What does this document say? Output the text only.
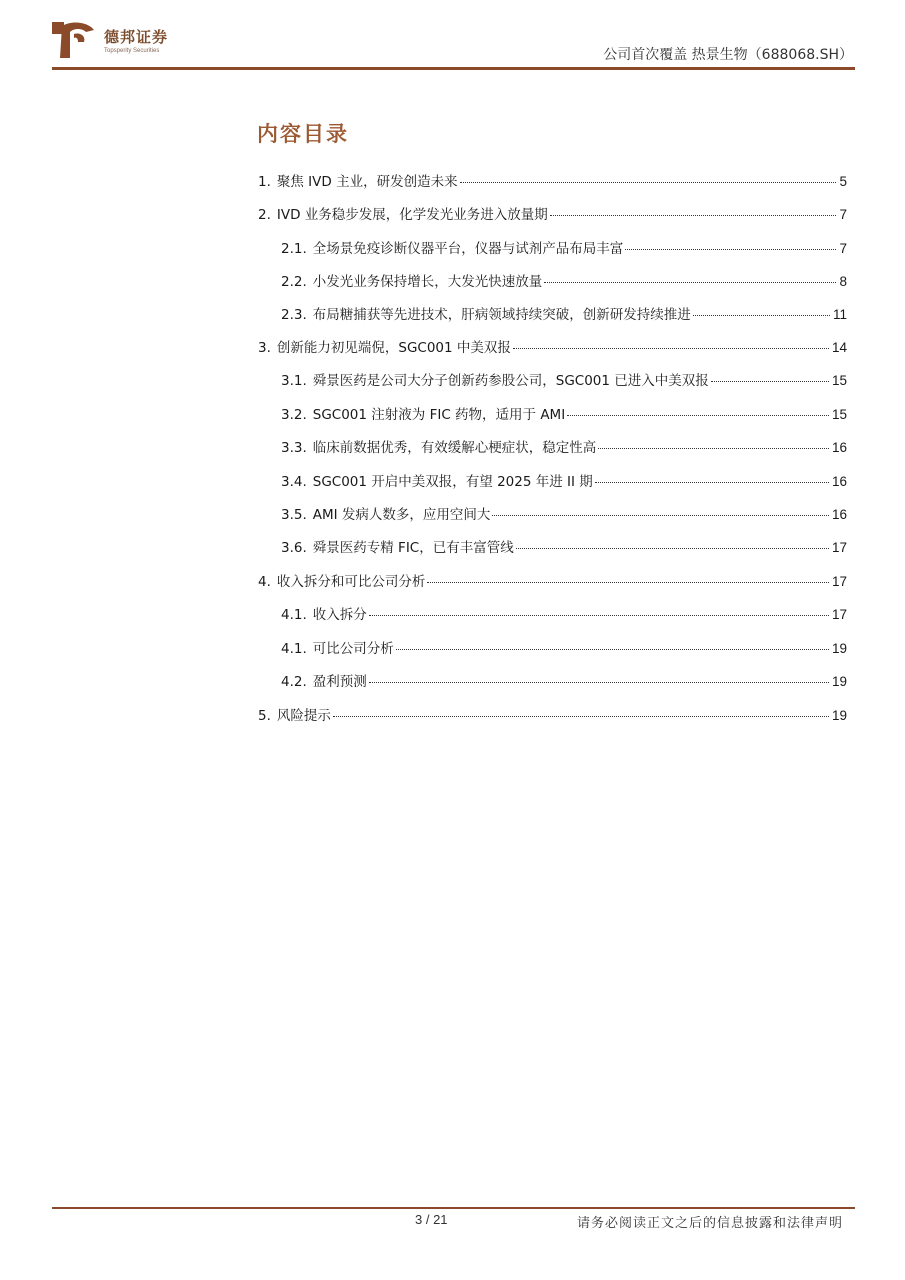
德邦证券
Topsperity Securities	公司首次覆盖 热景生物（688068.SH）
内容目录
1. 聚焦 IVD 主业，研发创造未来	5
2. IVD 业务稳步发展，化学发光业务进入放量期	7
2.1. 全场景免疫诊断仪器平台，仪器与试剂产品布局丰富	7
2.2. 小发光业务保持增长，大发光快速放量	8
2.3. 布局糖捕获等先进技术，肝病领域持续突破，创新研发持续推进	11
3. 创新能力初见端倪，SGC001 中美双报	14
3.1. 舜景医药是公司大分子创新药参股公司，SGC001 已进入中美双报	15
3.2. SGC001 注射液为 FIC 药物，适用于 AMI	15
3.3. 临床前数据优秀，有效缓解心梗症状，稳定性高	16
3.4. SGC001 开启中美双报，有望 2025 年进 II 期	16
3.5. AMI 发病人数多，应用空间大	16
3.6. 舜景医药专精 FIC，已有丰富管线	17
4. 收入拆分和可比公司分析	17
4.1. 收入拆分	17
4.1. 可比公司分析	19
4.2. 盈利预测	19
5. 风险提示	19
3 / 21	请务必阅读正文之后的信息披露和法律声明
